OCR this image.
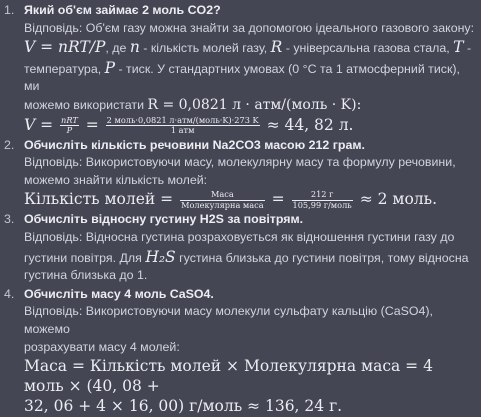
1. Який об'єм займає 2 моль CO2?
Відповідь: Об'єм газу можна знайти за допомогою ідеального газового закону:
V = nRT/P, де n - кількість молей газу, R - універсальна газова стала, T -
температура, P - тиск. У стандартних умовах (0 °C та 1 атмосферний тиск), ми
можемо використати R = 0,0821 л · атм/(моль · K):
$V = \frac{\text{nRT}}{P} = \frac{\text{2 моль·0,0821 л·атм/(моль·K)·273 K}}{\text{1 атм}} \approx 44$, 82 л.
2. Обчисліть кількість речовини Na2CO3 масою 212 грам.
Відповідь: Використовуючи масу, молекулярну масу та формулу речовини,
можемо знайти кількість молей:
Кількість молей = $\frac{\text{Маса}}{\text{Молекулярна маса}} = \frac{212 г}{\text{105,99 г/моль}} \approx 2$ моль.
3. Обчисліть відносну густину H2S за повітрям.
Відповідь: Відносна густина розраховується як відношення густини газу до
густини повітря. Для H₂S густина близька до густини повітря, тому відносна
густина близька до 1.
4. Обчисліть масу 4 моль CaSO4.
Відповідь: Використовуючи масу молекули сульфату кальцію (CaSO4), можемо
розрахувати масу 4 молей:
Маса = Кількість молей × Молекулярна маса = 4 моль × (40, 08 +
32, 06 + 4 × 16, 00) г/моль ≈ 136, 24 г.
